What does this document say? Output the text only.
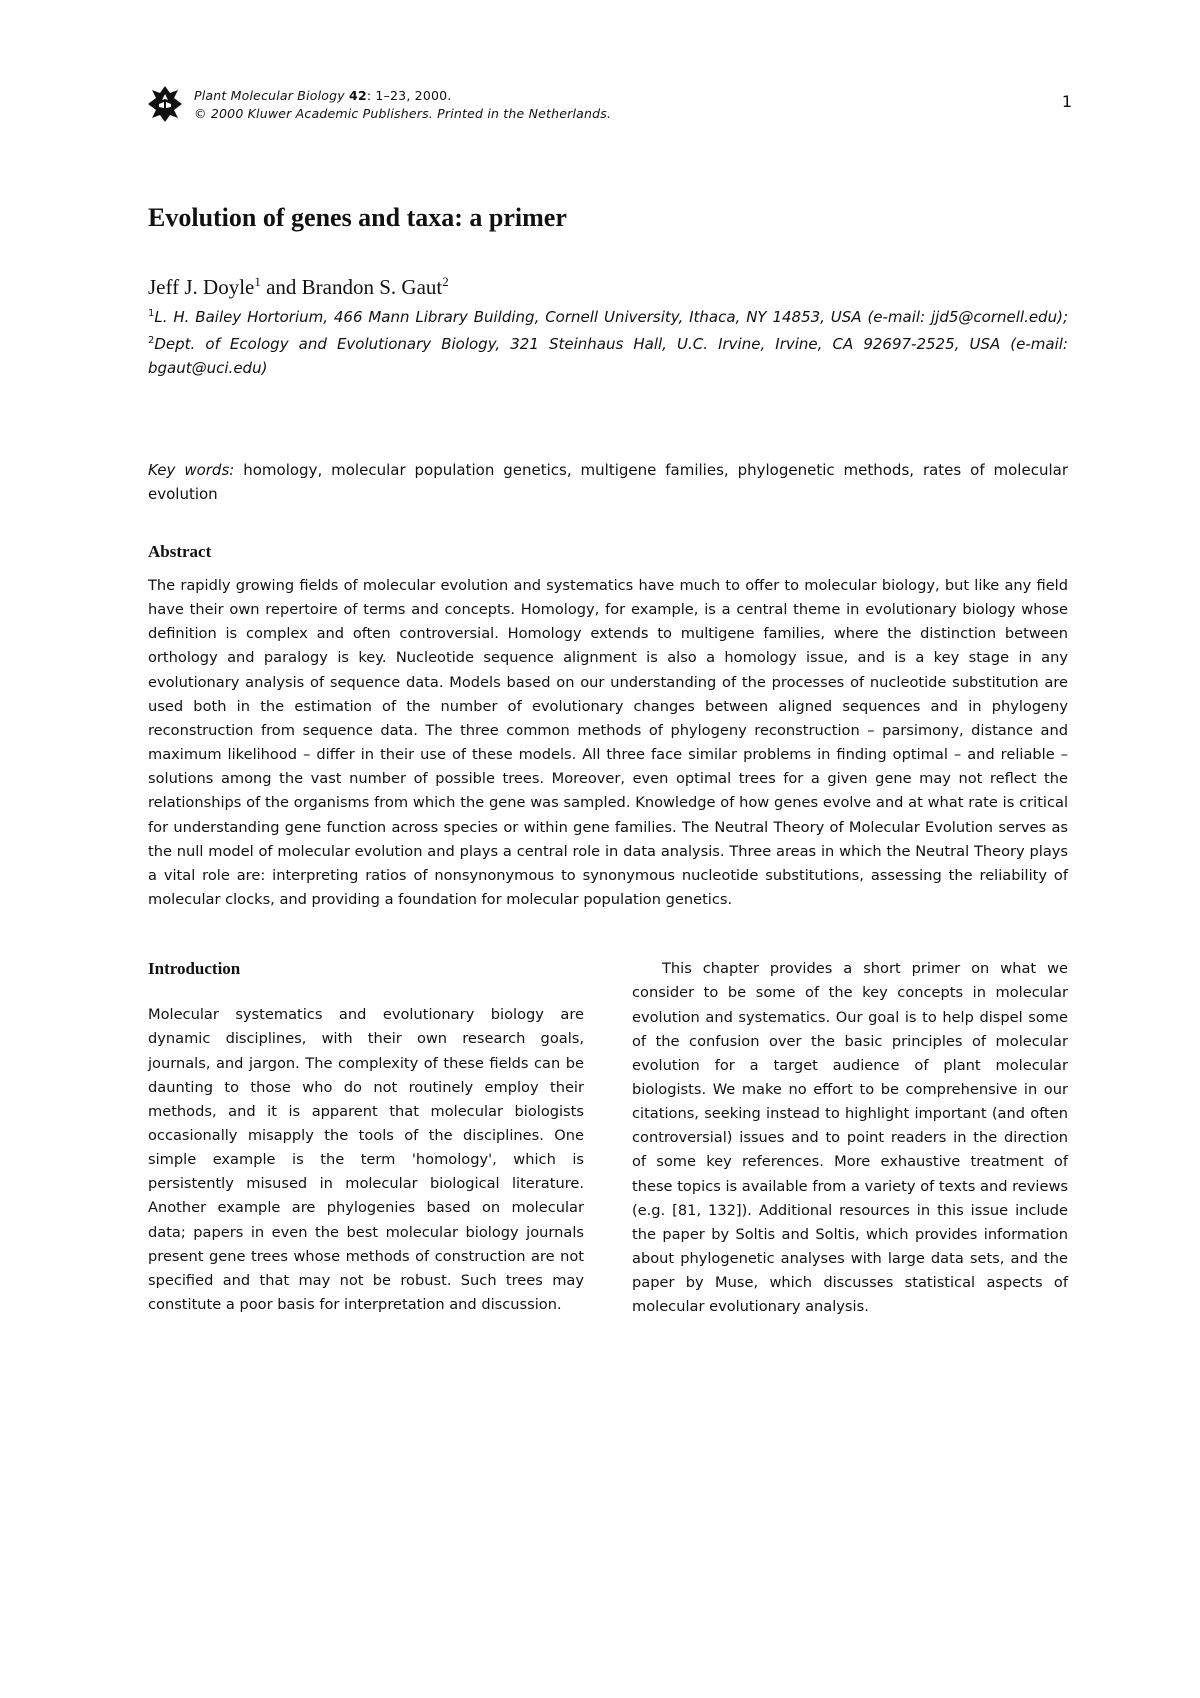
Plant Molecular Biology 42: 1–23, 2000.
© 2000 Kluwer Academic Publishers. Printed in the Netherlands.
1
Evolution of genes and taxa: a primer
Jeff J. Doyle$^1$ and Brandon S. Gaut$^2$
$^1$L. H. Bailey Hortorium, 466 Mann Library Building, Cornell University, Ithaca, NY 14853, USA (e-mail: jjd5@cornell.edu); $^2$Dept. of Ecology and Evolutionary Biology, 321 Steinhaus Hall, U.C. Irvine, Irvine, CA 92697-2525, USA (e-mail: bgaut@uci.edu)
Key words: homology, molecular population genetics, multigene families, phylogenetic methods, rates of molecular evolution
Abstract

The rapidly growing fields of molecular evolution and systematics have much to offer to molecular biology, but like any field have their own repertoire of terms and concepts. Homology, for example, is a central theme in evolutionary biology whose definition is complex and often controversial. Homology extends to multigene families, where the distinction between orthology and paralogy is key. Nucleotide sequence alignment is also a homology issue, and is a key stage in any evolutionary analysis of sequence data. Models based on our understanding of the processes of nucleotide substitution are used both in the estimation of the number of evolutionary changes between aligned sequences and in phylogeny reconstruction from sequence data. The three common methods of phylogeny reconstruction – parsimony, distance and maximum likelihood – differ in their use of these models. All three face similar problems in finding optimal – and reliable – solutions among the vast number of possible trees. Moreover, even optimal trees for a given gene may not reflect the relationships of the organisms from which the gene was sampled. Knowledge of how genes evolve and at what rate is critical for understanding gene function across species or within gene families. The Neutral Theory of Molecular Evolution serves as the null model of molecular evolution and plays a central role in data analysis. Three areas in which the Neutral Theory plays a vital role are: interpreting ratios of nonsynonymous to synonymous nucleotide substitutions, assessing the reliability of molecular clocks, and providing a foundation for molecular population genetics.

Introduction

Molecular systematics and evolutionary biology are dynamic disciplines, with their own research goals, journals, and jargon. The complexity of these fields can be daunting to those who do not routinely employ their methods, and it is apparent that molecular biologists occasionally misapply the tools of the disciplines. One simple example is the term 'homology', which is persistently misused in molecular biological literature. Another example are phylogenies based on molecular data; papers in even the best molecular biology journals present gene trees whose methods of construction are not specified and that may not be robust. Such trees may constitute a poor basis for interpretation and discussion.

This chapter provides a short primer on what we consider to be some of the key concepts in molecular evolution and systematics. Our goal is to help dispel some of the confusion over the basic principles of molecular evolution for a target audience of plant molecular biologists. We make no effort to be comprehensive in our citations, seeking instead to highlight important (and often controversial) issues and to point readers in the direction of some key references. More exhaustive treatment of these topics is available from a variety of texts and reviews (e.g. [81, 132]). Additional resources in this issue include the paper by Soltis and Soltis, which provides information about phylogenetic analyses with large data sets, and the paper by Muse, which discusses statistical aspects of molecular evolutionary analysis.
